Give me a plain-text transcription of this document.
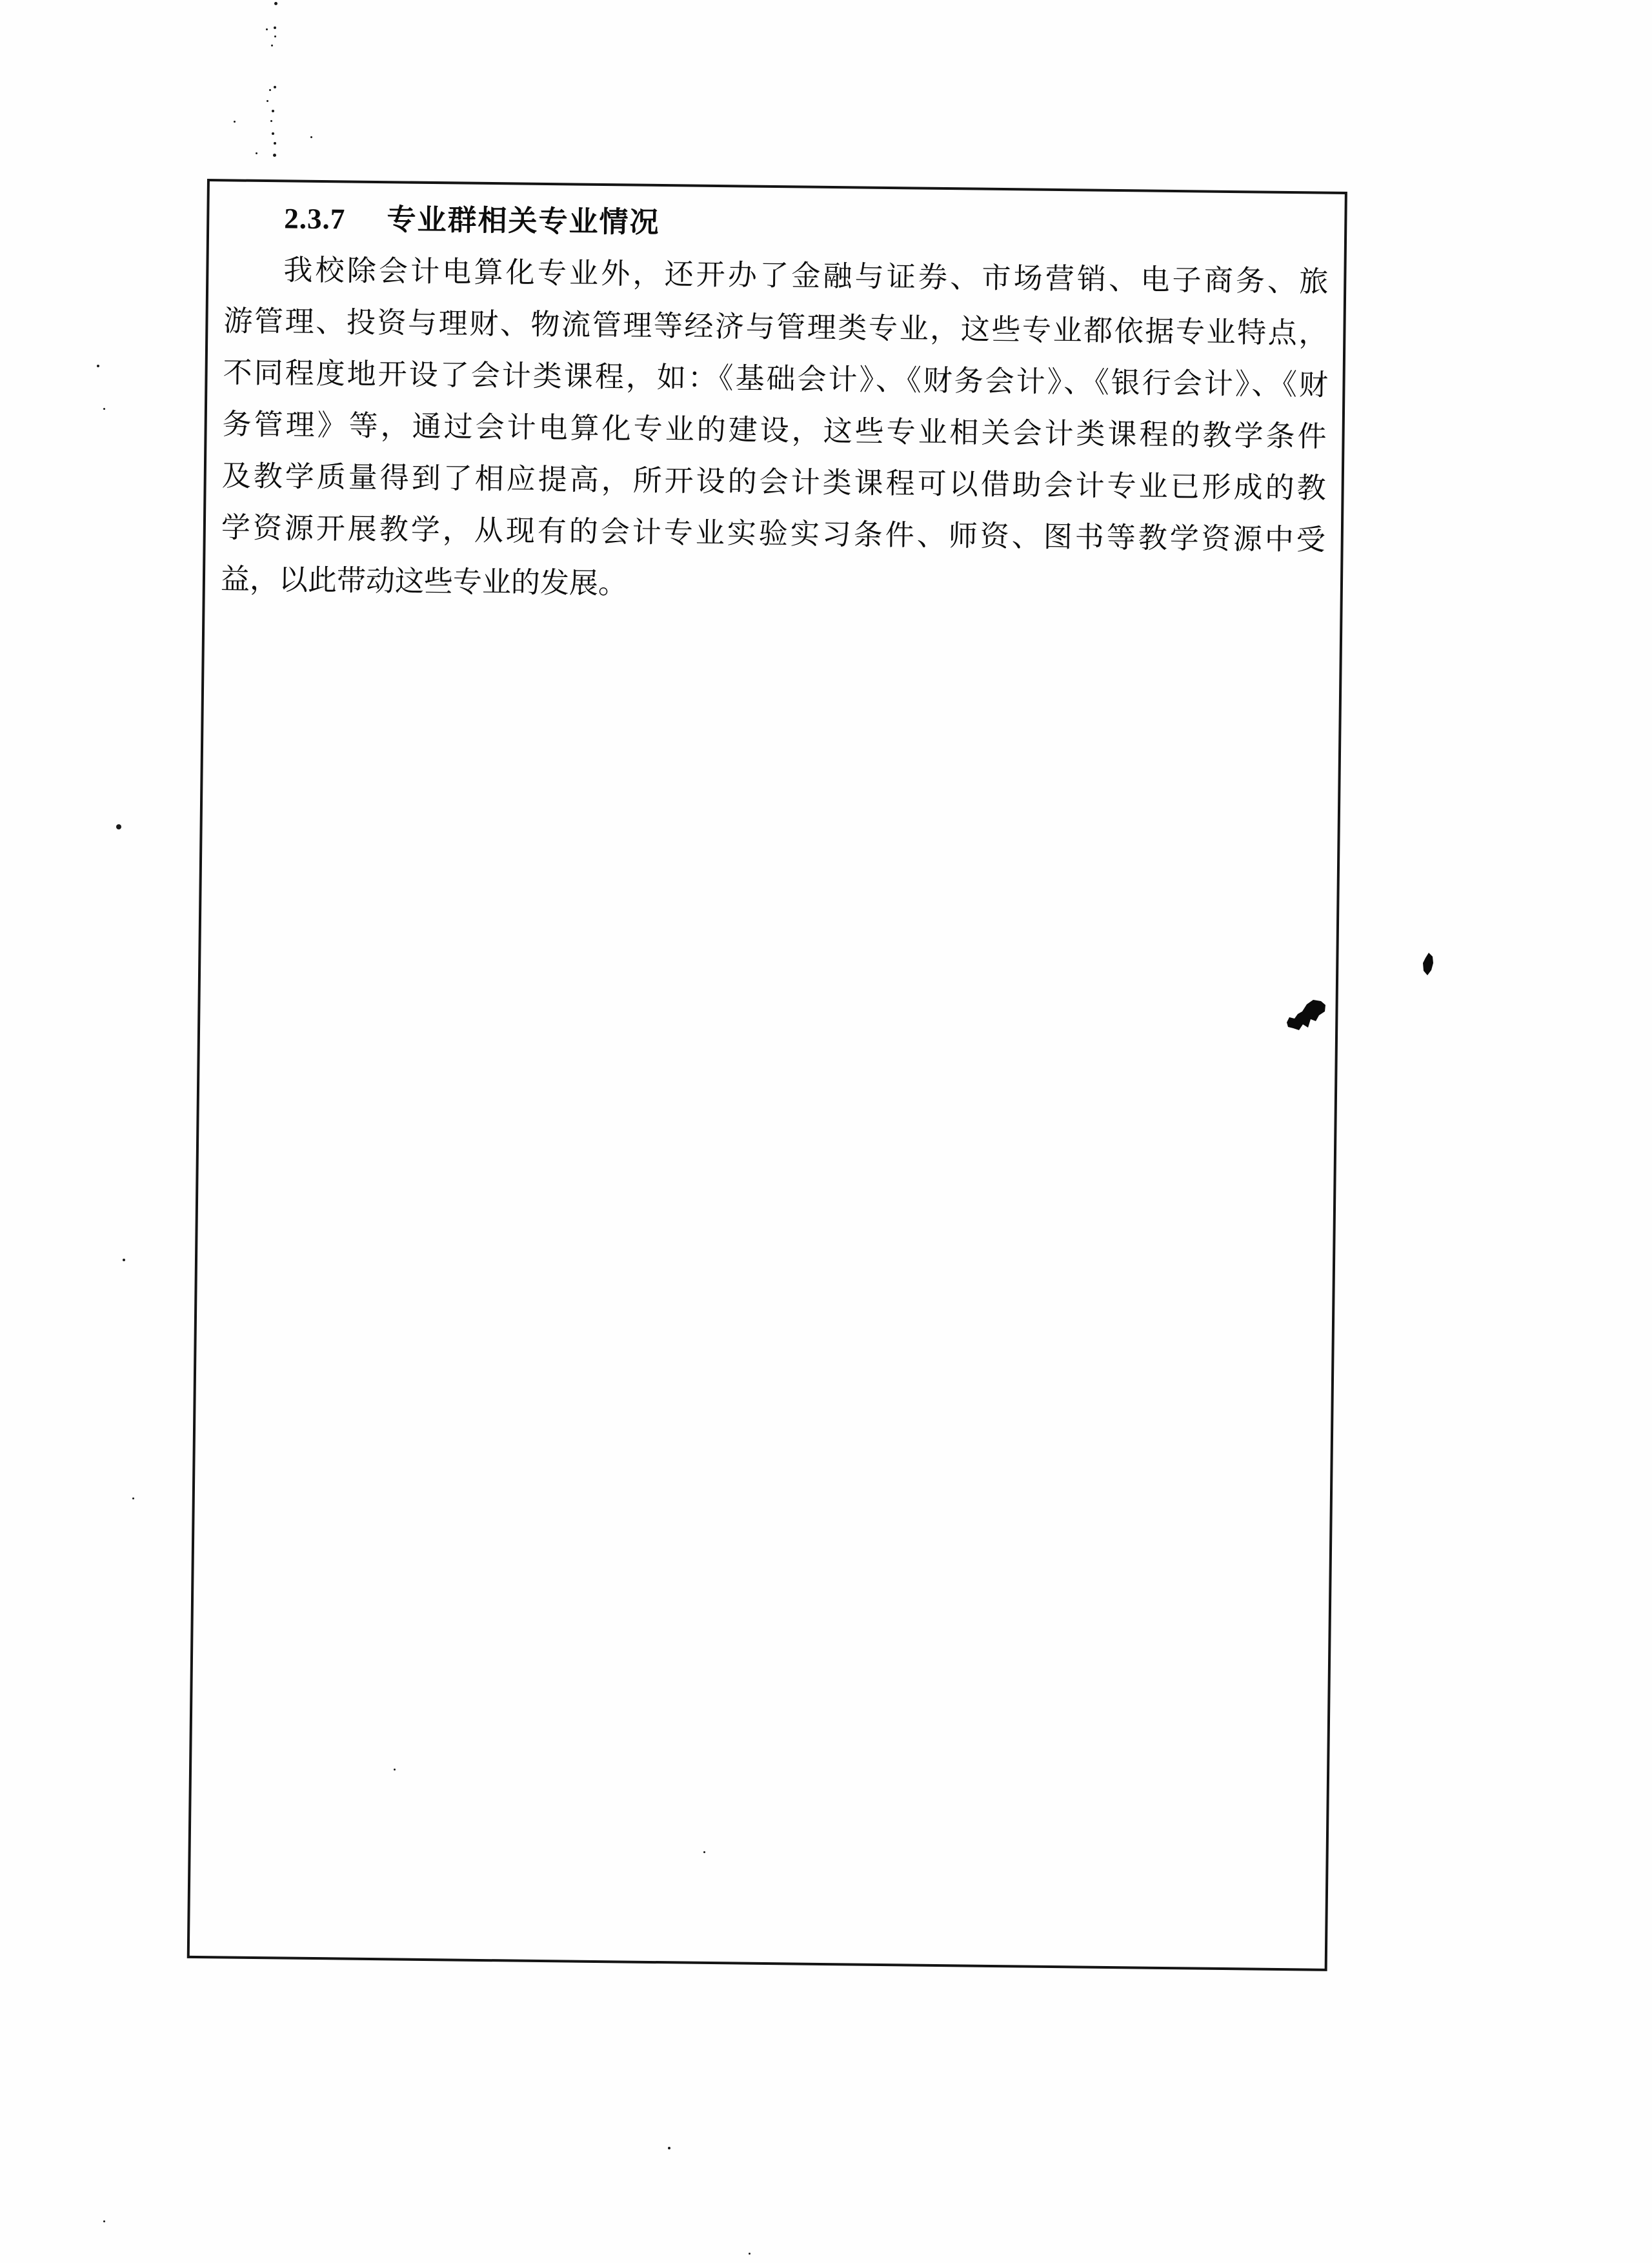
2.3.7 专业群相关专业情况
我校除会计电算化专业外，还开办了金融与证券、市场营销、电子商务、旅
游管理、投资与理财、物流管理等经济与管理类专业，这些专业都依据专业特点，
不同程度地开设了会计类课程，如：《基础会计》、《财务会计》、《银行会计》、《财
务管理》等，通过会计电算化专业的建设，这些专业相关会计类课程的教学条件
及教学质量得到了相应提高，所开设的会计类课程可以借助会计专业已形成的教
学资源开展教学，从现有的会计专业实验实习条件、师资、图书等教学资源中受
益，以此带动这些专业的发展。
